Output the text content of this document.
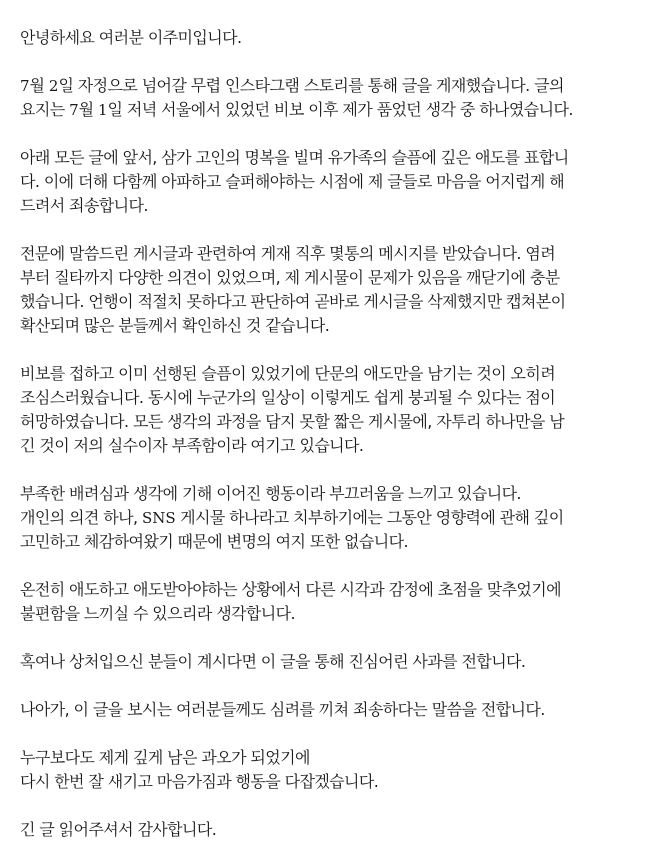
안녕하세요 여러분 이주미입니다.

7월 2일 자정으로 넘어갈 무렵 인스타그램 스토리를 통해 글을 게재했습니다. 글의
요지는 7월 1일 저녁 서울에서 있었던 비보 이후 제가 품었던 생각 중 하나였습니다.

아래 모든 글에 앞서, 삼가 고인의 명복을 빌며 유가족의 슬픔에 깊은 애도를 표합니
다. 이에 더해 다함께 아파하고 슬퍼해야하는 시점에 제 글들로 마음을 어지럽게 해
드려서 죄송합니다.

전문에 말씀드린 게시글과 관련하여 게재 직후 몇통의 메시지를 받았습니다. 염려
부터 질타까지 다양한 의견이 있었으며, 제 게시물이 문제가 있음을 깨닫기에 충분
했습니다. 언행이 적절치 못하다고 판단하여 곧바로 게시글을 삭제했지만 캡쳐본이
확산되며 많은 분들께서 확인하신 것 같습니다.

비보를 접하고 이미 선행된 슬픔이 있었기에 단문의 애도만을 남기는 것이 오히려
조심스러웠습니다. 동시에 누군가의 일상이 이렇게도 쉽게 붕괴될 수 있다는 점이
허망하였습니다. 모든 생각의 과정을 담지 못할 짧은 게시물에, 자투리 하나만을 남
긴 것이 저의 실수이자 부족함이라 여기고 있습니다.

부족한 배려심과 생각에 기해 이어진 행동이라 부끄러움을 느끼고 있습니다.
개인의 의견 하나, SNS 게시물 하나라고 치부하기에는 그동안 영향력에 관해 깊이
고민하고 체감하여왔기 때문에 변명의 여지 또한 없습니다.

온전히 애도하고 애도받아야하는 상황에서 다른 시각과 감정에 초점을 맞추었기에
불편함을 느끼실 수 있으리라 생각합니다.

혹여나 상처입으신 분들이 계시다면 이 글을 통해 진심어린 사과를 전합니다.

나아가, 이 글을 보시는 여러분들께도 심려를 끼쳐 죄송하다는 말씀을 전합니다.

누구보다도 제게 깊게 남은 과오가 되었기에
다시 한번 잘 새기고 마음가짐과 행동을 다잡겠습니다.

긴 글 읽어주셔서 감사합니다.
